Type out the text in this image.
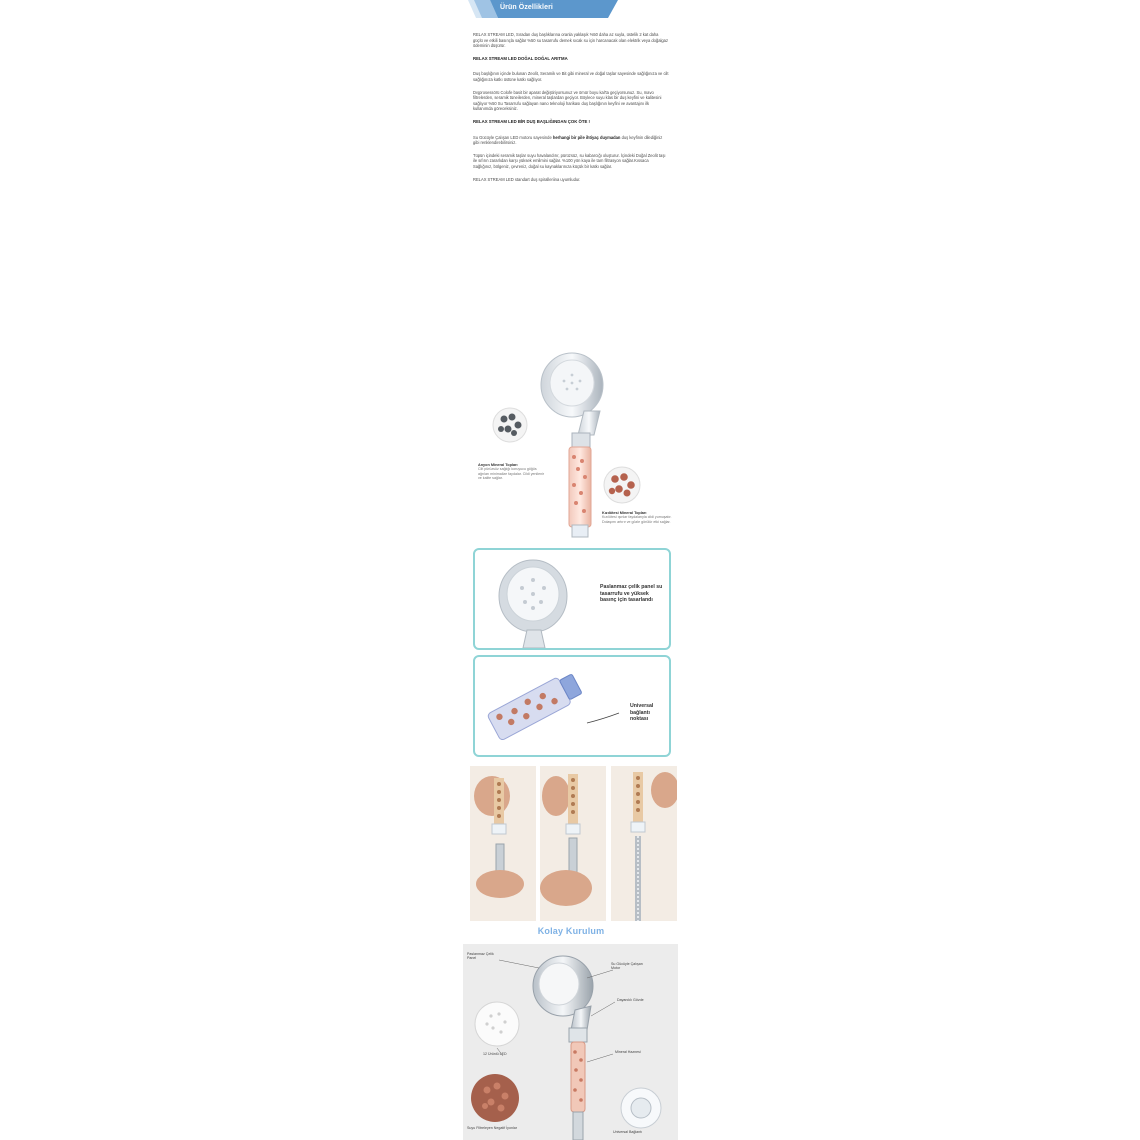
Ürün Özellikleri

RELAX STREAM LED, Sıradan duş başlıklarına oranla yaklaşık %50 daha az suyla, üstelik 2 kat daha güçlü ve etkili basınçla sağlar %50 su tasarrufu demek sıcak su için harcanacak olan elektrik veya doğalgaz ödeminin düşürür.

RELAX STREAM LED DOĞAL DOĞAL ARITMA

Duş başlığının içinde bulunan Zeolit, Seramik ve Bit gibi mineral ve doğal taşlar sayesinde sağlığınıza ve cilt sağlığınıza katkı üstüne katkı sağlıyor.

Dışprosessörü Colofe basit bir aparat değiştiriyorsunuz ve ömür boyu kal'ta geçiyorsunuz. Su, mavo filtrelerden, seramik tüneilerden, mineral taşlardan geçiyor. Böylece suyu klas bir duş keyfini ve kalitesini sağlıyor %50 Su Tasarrufu sağlayan nano teknoloji harikası duş başlığının keyfini ve avantajını ilk kullanımda göreceksiniz.

RELAX STREAM LED BİR DUŞ BAŞLIĞINDAN ÇOK ÖTE !

Su Gücüyle Çalışan LED motoru sayesinde herhangi bir pile ihtiyaç duymadan duş keyfinin dilediğiniz gibi renklendirebilirsiniz.

Tüpün içindeki seramik taşlar suyu havalandırır, pürüzsüz, su kabarcığı oluşturur. İçindeki Doğal Zeolit taşı ile sıfırın zararlıdan karşı yüksek emilmini sağlar. %100 yön kaya ile tam filtrasyon sağlar.Kıssaca Sağlığınız, bölgeniz, çevreniz, doğal su kaynaklarınıza küçük bir katkı sağlar.

RELAX STREAM LED standart duş spiralleriina uyumludur.

Anyon Mineral Topları
Cilt pürüzsüz sağlığı koruyucu göğüs ağrıları minimalize faydalar. Cildi yenilenir ve kalite sağlar.
Kızılötesi Mineral Topları
Kızılötesi ışınlar faydalarıyla cildi yumuşatır. Dolaşımı artırır ve gözle görülür etki sağlar.
Paslanmaz çelik panel su tasarrufu ve yüksek basınç için tasarlandı
Universal bağlantı noktası
Kolay Kurulum
Paslanmaz Çelik Panel
Su Gücüyle Çalışan Motor
Dayanıklı Gövde
12 Ürünlü LED	Mineral Haznesi
Suyu Filtreleyen Negatif İyonlar
Universal Bağlantı
